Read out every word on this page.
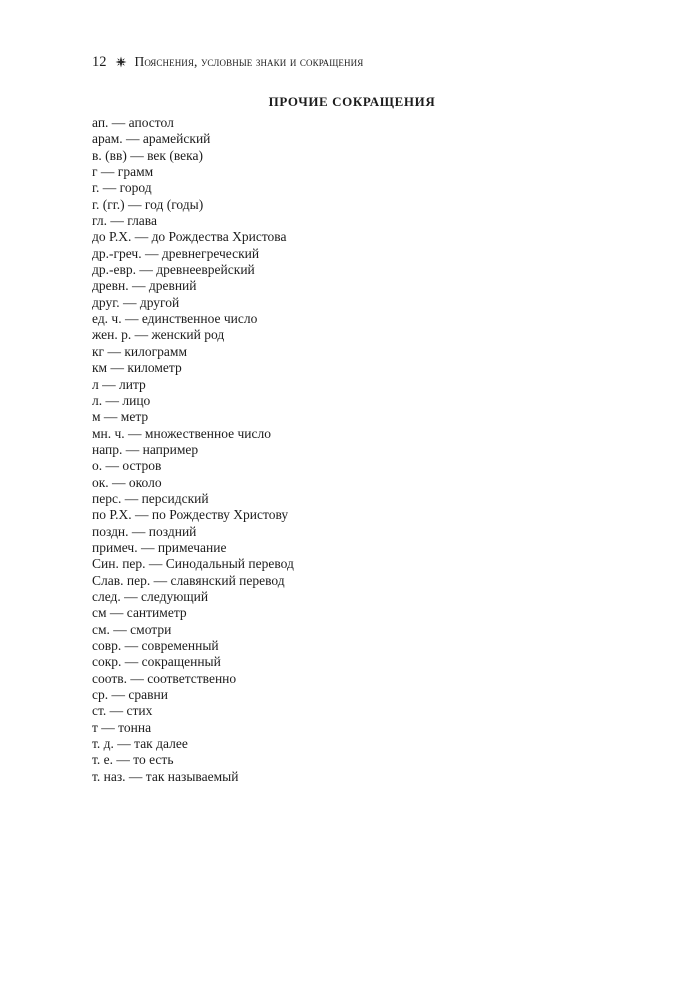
12 Пояснения, условные знаки и сокращения
ПРОЧИЕ СОКРАЩЕНИЯ
ап. — апостол
арам. — арамейский
в. (вв) — век (века)
г — грамм
г. — город
г. (гг.) — год (годы)
гл. — глава
до Р.Х. — до Рождества Христова
др.-греч. — древнегреческий
др.-евр. — древнееврейский
древн. — древний
друг. — другой
ед. ч. — единственное число
жен. р. — женский род
кг — килограмм
км — километр
л — литр
л. — лицо
м — метр
мн. ч. — множественное число
напр. — например
о. — остров
ок. — около
перс. — персидский
по Р.Х. — по Рождеству Христову
поздн. — поздний
примеч. — примечание
Син. пер. — Синодальный перевод
Слав. пер. — славянский перевод
след. — следующий
см — сантиметр
см. — смотри
совр. — современный
сокр. — сокращенный
соотв. — соответственно
ср. — сравни
ст. — стих
т — тонна
т. д. — так далее
т. е. — то есть
т. наз. — так называемый
